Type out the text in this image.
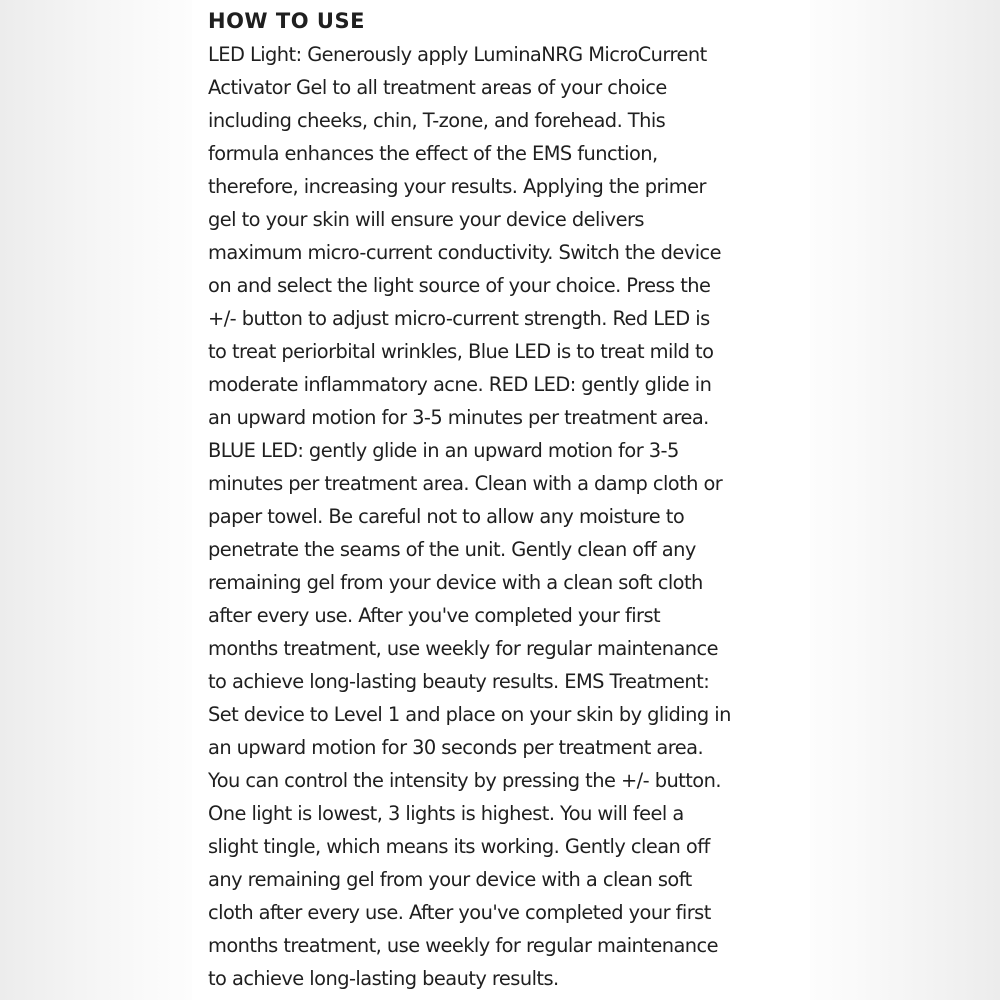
HOW TO USE
LED Light: Generously apply LuminaNRG MicroCurrent
Activator Gel to all treatment areas of your choice
including cheeks, chin, T-zone, and forehead. This
formula enhances the effect of the EMS function,
therefore, increasing your results. Applying the primer
gel to your skin will ensure your device delivers
maximum micro-current conductivity. Switch the device
on and select the light source of your choice. Press the
+/- button to adjust micro-current strength. Red LED is
to treat periorbital wrinkles, Blue LED is to treat mild to
moderate inflammatory acne. RED LED: gently glide in
an upward motion for 3-5 minutes per treatment area.
BLUE LED: gently glide in an upward motion for 3-5
minutes per treatment area. Clean with a damp cloth or
paper towel. Be careful not to allow any moisture to
penetrate the seams of the unit. Gently clean off any
remaining gel from your device with a clean soft cloth
after every use. After you've completed your first
months treatment, use weekly for regular maintenance
to achieve long-lasting beauty results. EMS Treatment:
Set device to Level 1 and place on your skin by gliding in
an upward motion for 30 seconds per treatment area.
You can control the intensity by pressing the +/- button.
One light is lowest, 3 lights is highest. You will feel a
slight tingle, which means its working. Gently clean off
any remaining gel from your device with a clean soft
cloth after every use. After you've completed your first
months treatment, use weekly for regular maintenance
to achieve long-lasting beauty results.
